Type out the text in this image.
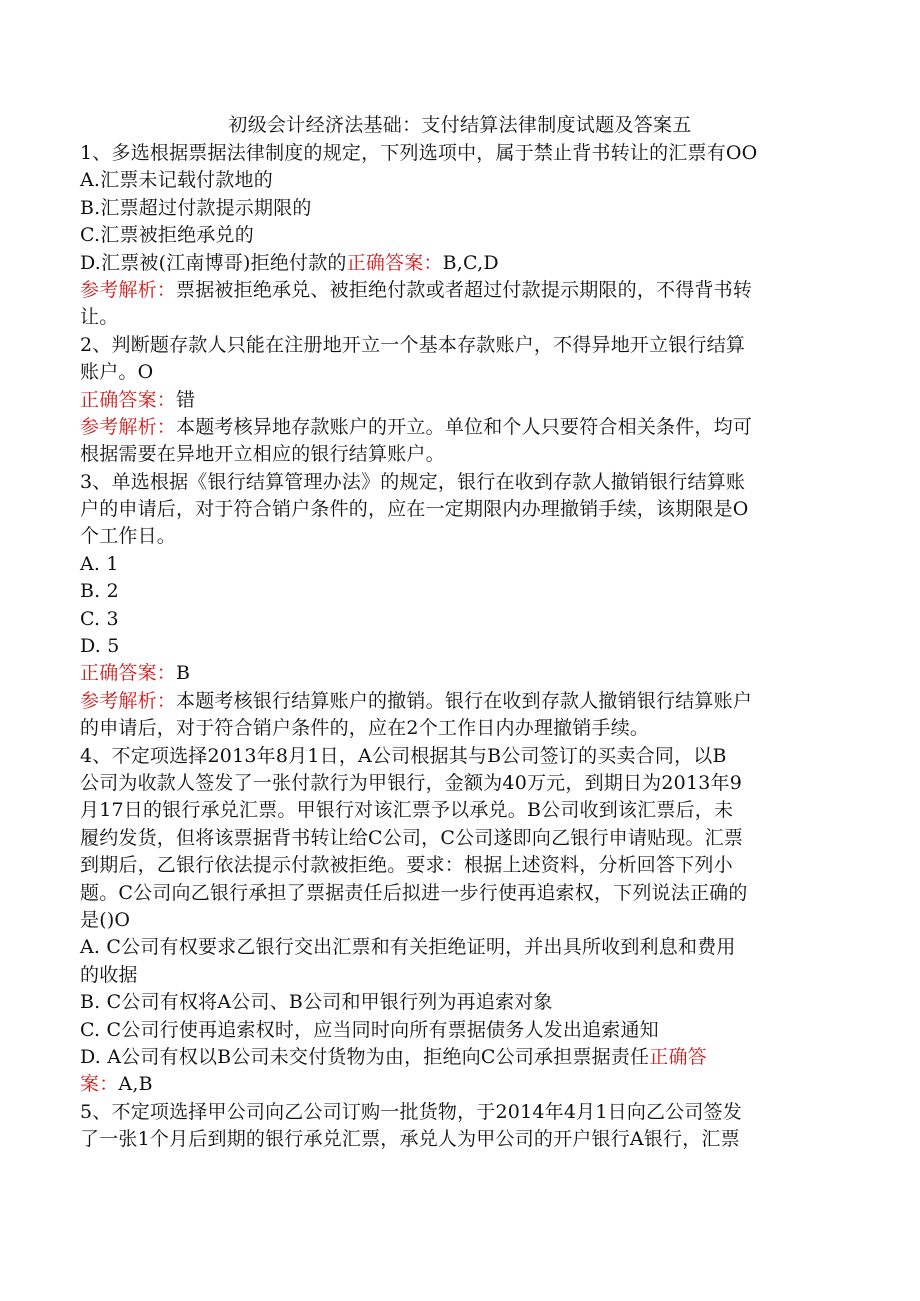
初级会计经济法基础：支付结算法律制度试题及答案五
1、多选根据票据法律制度的规定，下列选项中，属于禁止背书转让的汇票有OO
A.汇票未记载付款地的
B.汇票超过付款提示期限的
C.汇票被拒绝承兑的
D.汇票被(江南博哥)拒绝付款的正确答案：B,C,D
参考解析：票据被拒绝承兑、被拒绝付款或者超过付款提示期限的，不得背书转
让。
2、判断题存款人只能在注册地开立一个基本存款账户，不得异地开立银行结算
账户。O
正确答案：错
参考解析：本题考核异地存款账户的开立。单位和个人只要符合相关条件，均可
根据需要在异地开立相应的银行结算账户。
3、单选根据《银行结算管理办法》的规定，银行在收到存款人撤销银行结算账
户的申请后，对于符合销户条件的，应在一定期限内办理撤销手续，该期限是O
个工作日。
A. 1
B. 2
C. 3
D. 5
正确答案：B
参考解析：本题考核银行结算账户的撤销。银行在收到存款人撤销银行结算账户
的申请后，对于符合销户条件的，应在2个工作日内办理撤销手续。
4、不定项选择2013年8月1日，A公司根据其与B公司签订的买卖合同，以B
公司为收款人签发了一张付款行为甲银行，金额为40万元，到期日为2013年9
月17日的银行承兑汇票。甲银行对该汇票予以承兑。B公司收到该汇票后，未
履约发货，但将该票据背书转让给C公司，C公司遂即向乙银行申请贴现。汇票
到期后，乙银行依法提示付款被拒绝。要求：根据上述资料，分析回答下列小
题。C公司向乙银行承担了票据责任后拟进一步行使再追索权，下列说法正确的
是()O
A. C公司有权要求乙银行交出汇票和有关拒绝证明，并出具所收到利息和费用
的收据
B. C公司有权将A公司、B公司和甲银行列为再追索对象
C. C公司行使再追索权时，应当同时向所有票据债务人发出追索通知
D. A公司有权以B公司未交付货物为由，拒绝向C公司承担票据责任正确答
案：A,B
5、不定项选择甲公司向乙公司订购一批货物，于2014年4月1日向乙公司签发
了一张1个月后到期的银行承兑汇票，承兑人为甲公司的开户银行A银行，汇票
